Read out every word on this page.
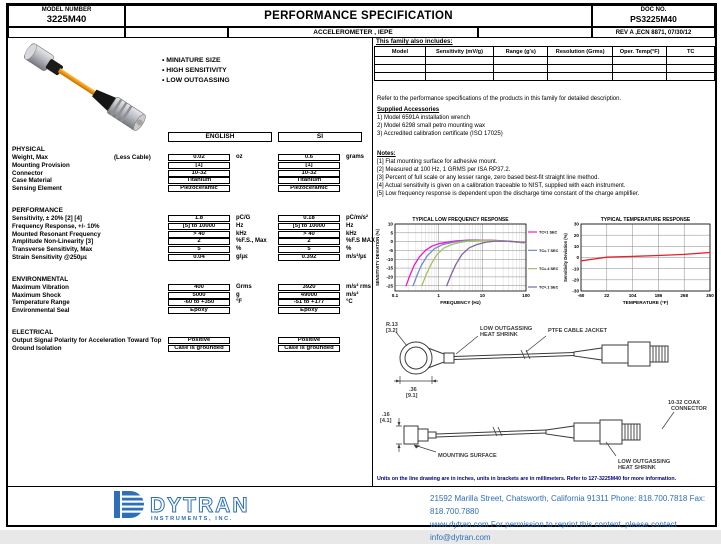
MODEL NUMBER
3225M40	PERFORMANCE SPECIFICATION	DOC NO.
PS3225M40
ACCELEROMETER , IEPE	REV A ,ECN 8871, 07/30/12
• MINIATURE SIZE
• HIGH SENSITIVITY
• LOW OUTGASSING
ENGLISH	SI
PHYSICAL
Weight, Max	(Less Cable)	0.02	oz	0.6	grams
Mounting Provision	[1]	[1]
Connector	10-32	10-32
Case Material	Titanium	Titanium
Sensing Element	Piezoceramic	Piezoceramic
PERFORMANCE
Sensitivity, ± 20% [2] [4]	1.8	pC/G	0.18	pC/m/s²
Frequency Response, +/- 10%	[5] to 10000	Hz	[5] to 10000	Hz
Mounted Resonant Frequency	> 40	kHz	> 40	kHz
Amplitude Non-Linearity [3]	2	%F.S., Max	2	%F.S MAX
Transverse Sensitivity, Max	5	%	5	%
Strain Sensitivity @250με	0.04	g/με	0.392	m/s²/με
ENVIRONMENTAL
Maximum Vibration	400	Grms	3920	m/s² rms
Maximum Shock	5000	g	49000	m/s²
Temperature Range	-60 to +350	°F	-51 to +177	°C
Environmental Seal	Epoxy	Epoxy
ELECTRICAL
Output Signal Polarity for Acceleration Toward Top	Positive	Positive
Ground Isolation	Case is grounded	Case is grounded
This family also includes:
Model	Sensitivity (mV/g)	Range (g's)	Resolution (Grms)	Oper. Temp(°F)	TC

Refer to the performance specifications of the products in this family for detailed description.
Supplied Accessories
1) Model 6591A installation wrench
2) Model 6298 small petro mounting wax
3) Accredited calibration certificate (ISO 17025)
Notes:
[1] Flat mounting surface for adhesive mount.
[2] Measured at 100 Hz, 1 GRMS per ISA RP37.2.
[3] Percent of full scale or any lesser range, zero based best-fit straight line method.
[4] Actual sensitivity is given on a calibration traceable to NIST, supplied with each instrument.
[5] Low frequency response is dependent upon the discharge time constant of the charge amplifier.
10
5
0
-5
-10
-15
-20
-25
0.1	1	10	100
TYPICAL LOW FREQUENCY RESPONSE
FREQUENCY (Hz)
SENSITIVITY DEVIATION (%)	TC=1 SEC
TC=.7 SEC
TC=.4 SEC
TC=.1 SEC
30
20
10
0
-10
-20
-30
-60	22	104	186	268	350
TYPICAL TEMPERATURE RESPONSE
TEMPERATURE (°F)
Sensitivity Deviation (%)
R.13
[3.2]
.36
[9.1]
LOW OUTGASSING
HEAT SHRINK
PTFE CABLE JACKET
10-32 COAX
CONNECTOR
MOUNTING SURFACE
LOW OUTGASSING
HEAT SHRINK
.16
[4.1]
Units on the line drawing are in inches, units in brackets are in millimeters. Refer to 127-3225M40 for more information.
DYTRAN
INSTRUMENTS, INC.
21592 Marilla Street, Chatsworth, California 91311 Phone: 818.700.7818 Fax: 818.700.7880
www.dytran.com For permission to reprint this content, please contact info@dytran.com
